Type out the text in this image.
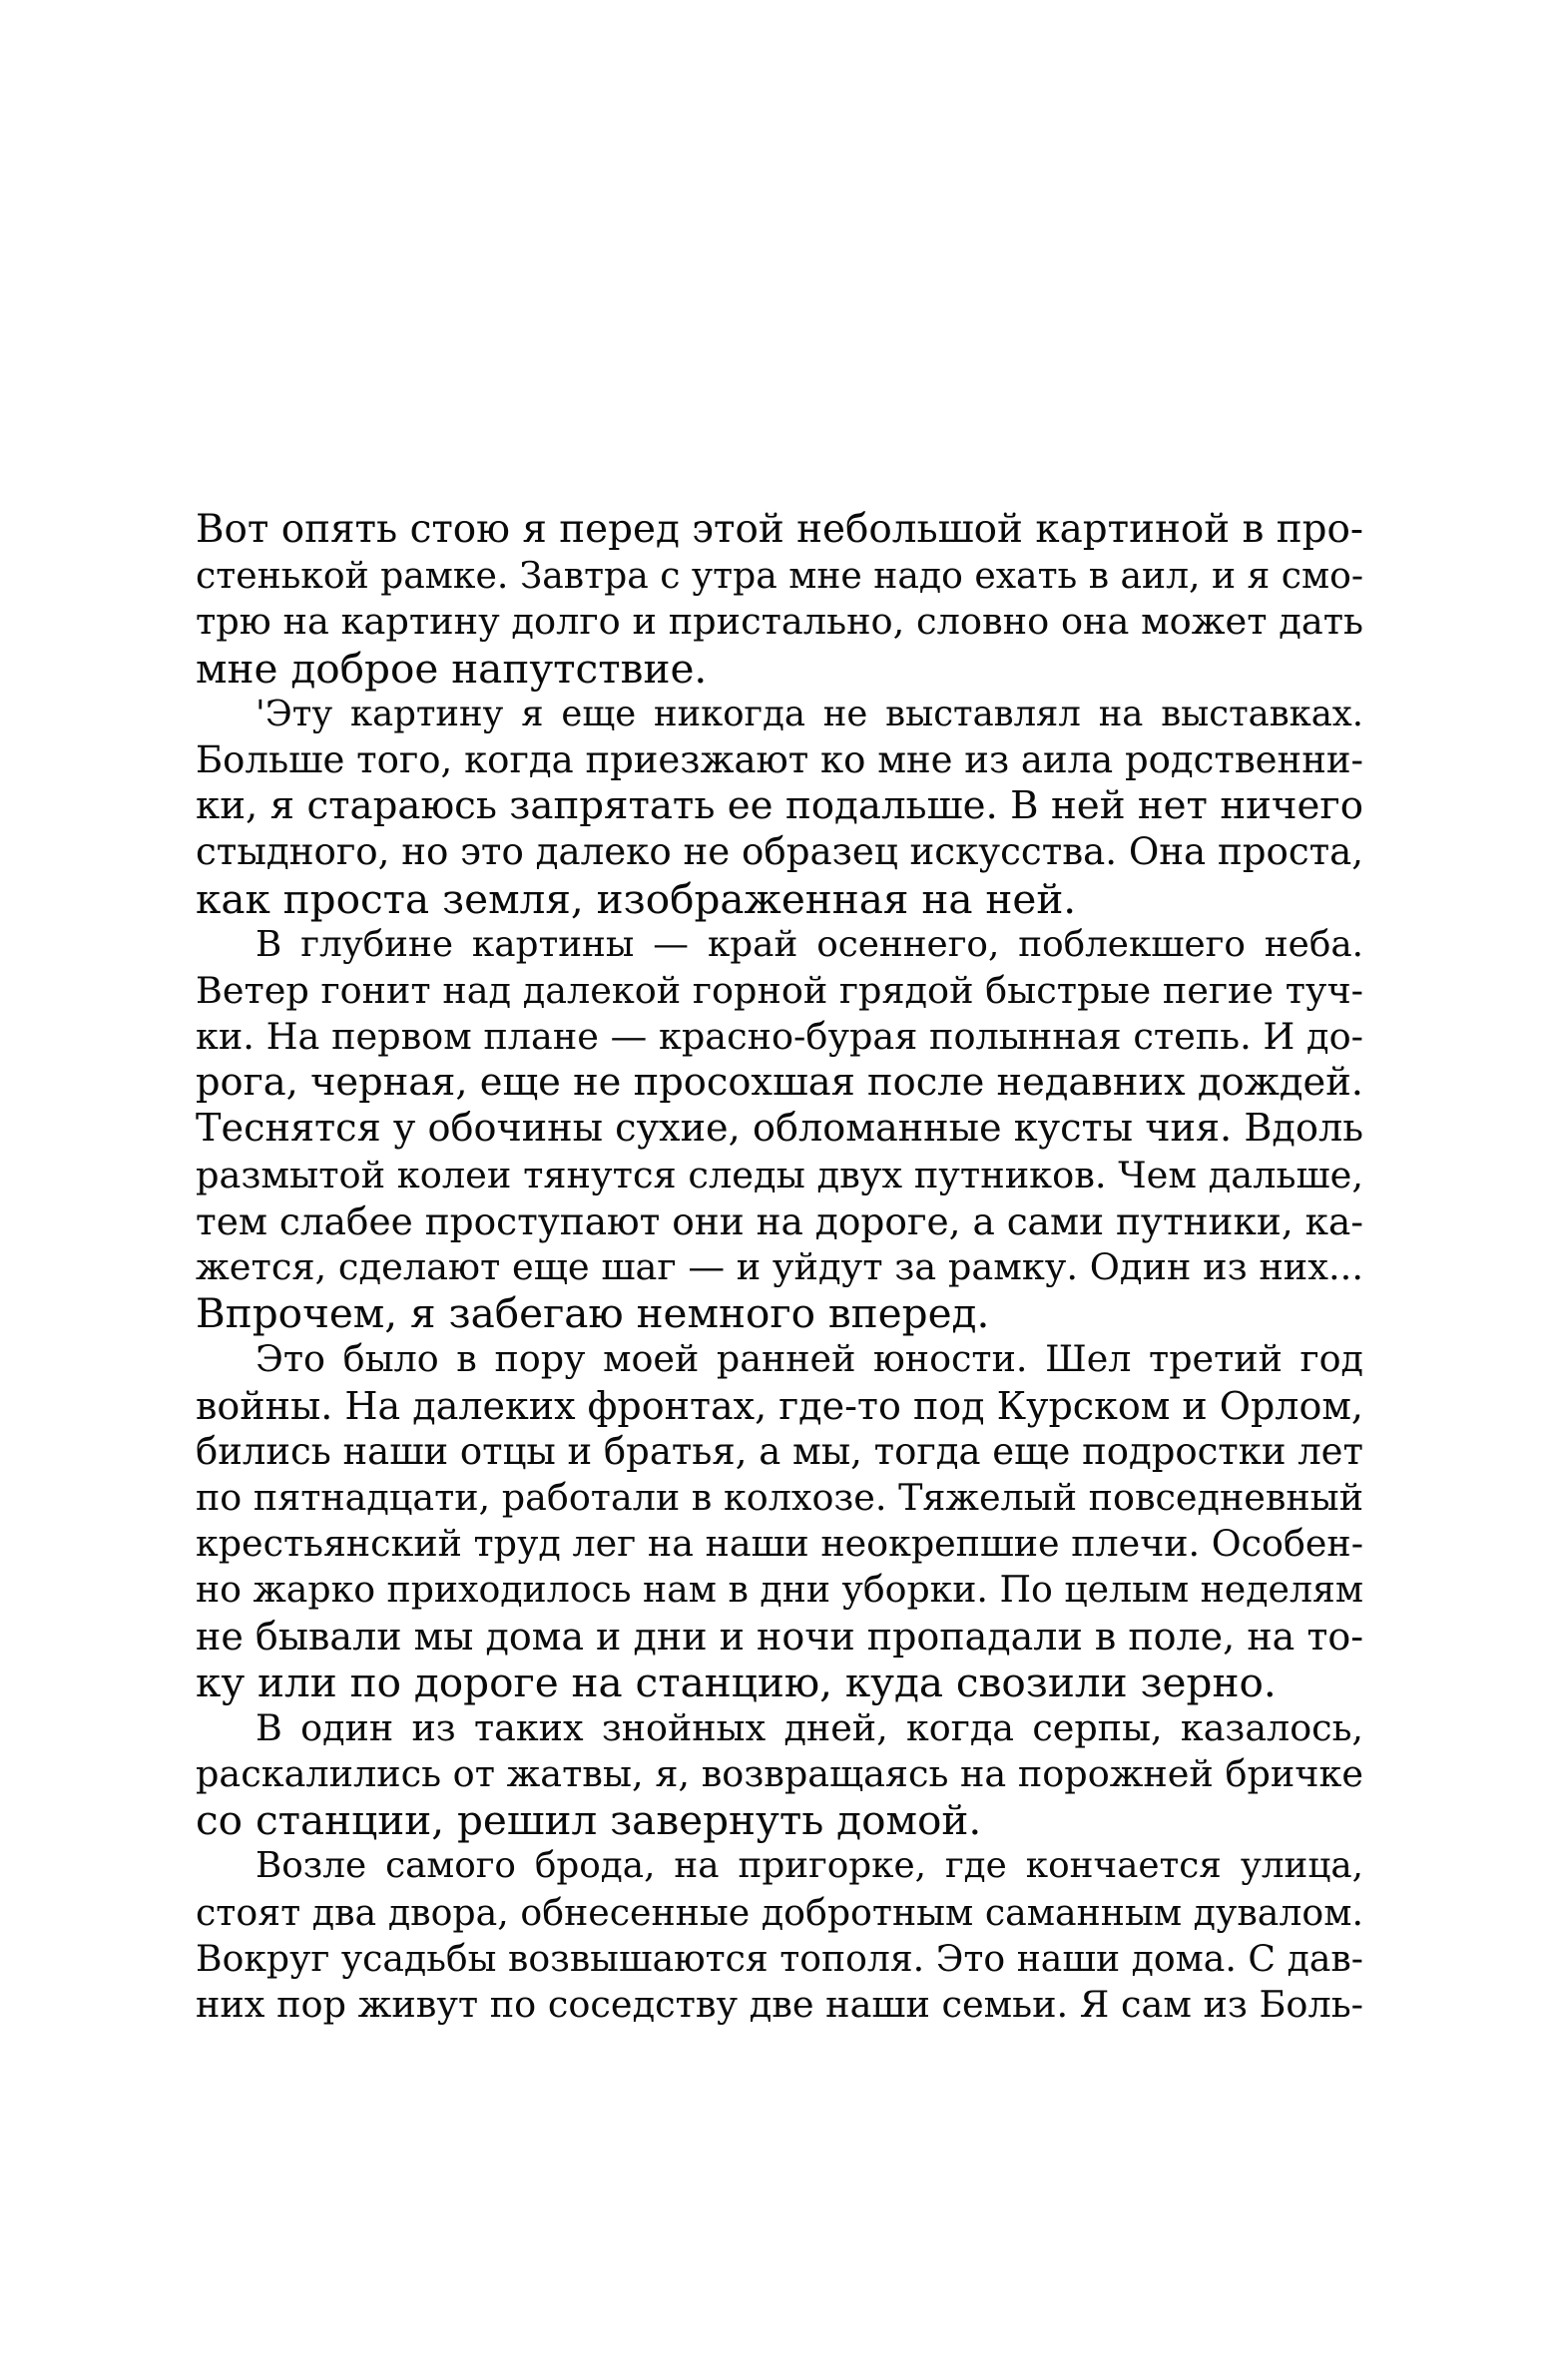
Вот опять стою я перед этой небольшой картиной в про-
стенькой рамке. Завтра с утра мне надо ехать в аил, и я смо-
трю на картину долго и пристально, словно она может дать
мне доброе напутствие.
'Эту картину я еще никогда не выставлял на выставках.
Больше того, когда приезжают ко мне из аила родственни-
ки, я стараюсь запрятать ее подальше. В ней нет ничего
стыдного, но это далеко не образец искусства. Она проста,
как проста земля, изображенная на ней.
В глубине картины — край осеннего, поблекшего неба.
Ветер гонит над далекой горной грядой быстрые пегие туч-
ки. На первом плане — красно-бурая полынная степь. И до-
рога, черная, еще не просохшая после недавних дождей.
Теснятся у обочины сухие, обломанные кусты чия. Вдоль
размытой колеи тянутся следы двух путников. Чем дальше,
тем слабее проступают они на дороге, а сами путники, ка-
жется, сделают еще шаг — и уйдут за рамку. Один из них...
Впрочем, я забегаю немного вперед.
Это было в пору моей ранней юности. Шел третий год
войны. На далеких фронтах, где-то под Курском и Орлом,
бились наши отцы и братья, а мы, тогда еще подростки лет
по пятнадцати, работали в колхозе. Тяжелый повседневный
крестьянский труд лег на наши неокрепшие плечи. Особен-
но жарко приходилось нам в дни уборки. По целым неделям
не бывали мы дома и дни и ночи пропадали в поле, на то-
ку или по дороге на станцию, куда свозили зерно.
В один из таких знойных дней, когда серпы, казалось,
раскалились от жатвы, я, возвращаясь на порожней бричке
со станции, решил завернуть домой.
Возле самого брода, на пригорке, где кончается улица,
стоят два двора, обнесенные добротным саманным дувалом.
Вокруг усадьбы возвышаются тополя. Это наши дома. С дав-
них пор живут по соседству две наши семьи. Я сам из Боль-
